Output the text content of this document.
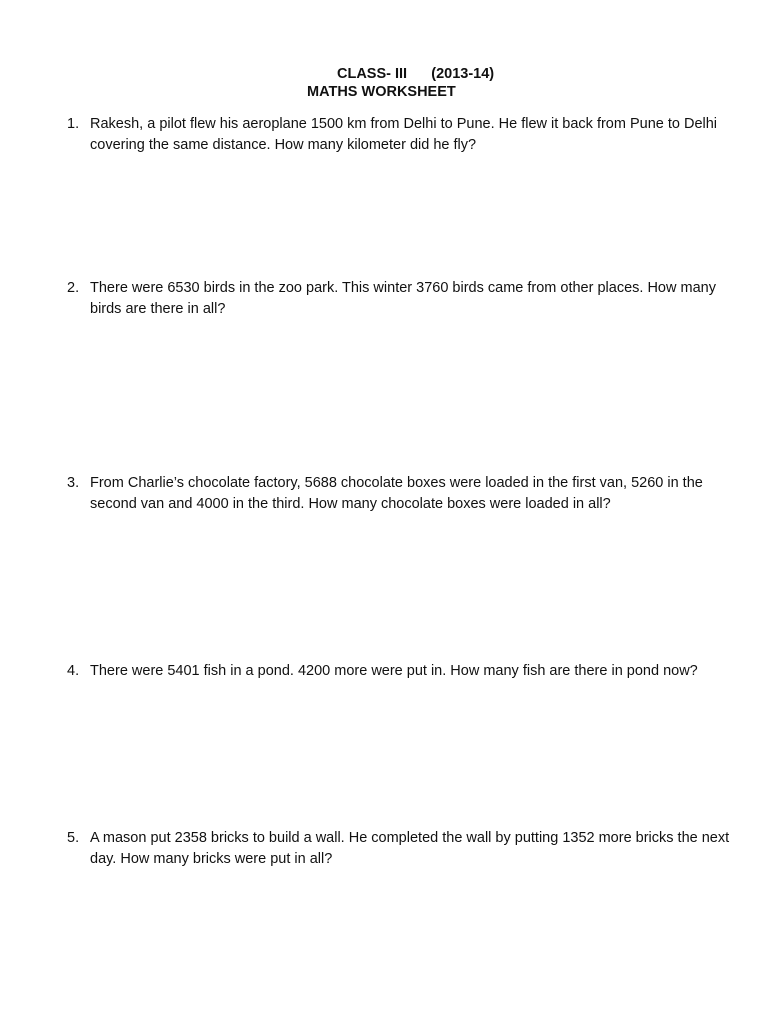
CLASS- III      (2013-14)
MATHS WORKSHEET
1. Rakesh, a pilot flew his aeroplane 1500 km from Delhi to Pune. He flew it back from Pune to Delhi covering the same distance. How many kilometer did he fly?
2. There were 6530 birds in the zoo park. This winter 3760 birds came from other places. How many birds are there in all?
3. From Charlie’s chocolate factory, 5688 chocolate boxes were loaded in the first van, 5260 in the second van and 4000 in the third. How many chocolate boxes were loaded in all?
4. There were 5401 fish in a pond. 4200 more were put in. How many fish are there in pond now?
5. A mason put 2358 bricks to build a wall. He completed the wall by putting 1352 more bricks the next day. How many bricks were put in all?
